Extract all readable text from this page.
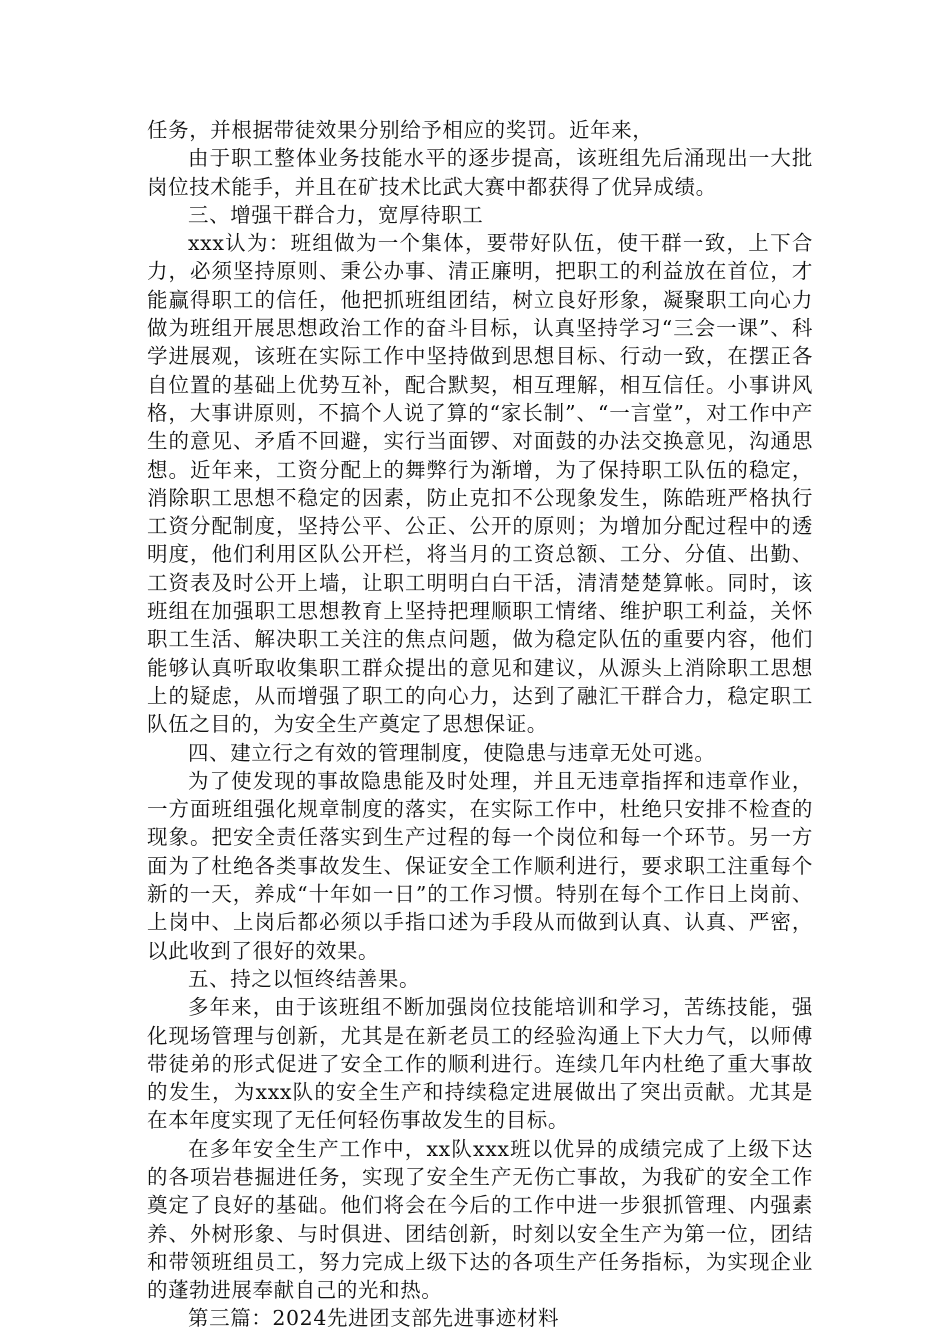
任务，并根据带徒效果分别给予相应的奖罚。近年来，

由于职工整体业务技能水平的逐步提高，该班组先后涌现出一大批岗位技术能手，并且在矿技术比武大赛中都获得了优异成绩。

三、增强干群合力，宽厚待职工

xxx认为：班组做为一个集体，要带好队伍，使干群一致，上下合力，必须坚持原则、秉公办事、清正廉明，把职工的利益放在首位，才能赢得职工的信任，他把抓班组团结，树立良好形象，凝聚职工向心力做为班组开展思想政治工作的奋斗目标，认真坚持学习“三会一课”、科学进展观，该班在实际工作中坚持做到思想目标、行动一致，在摆正各自位置的基础上优势互补，配合默契，相互理解，相互信任。小事讲风格，大事讲原则，不搞个人说了算的“家长制”、“一言堂”，对工作中产生的意见、矛盾不回避，实行当面锣、对面鼓的办法交换意见，沟通思想。近年来，工资分配上的舞弊行为渐增，为了保持职工队伍的稳定，消除职工思想不稳定的因素，防止克扣不公现象发生，陈皓班严格执行工资分配制度，坚持公平、公正、公开的原则；为增加分配过程中的透明度，他们利用区队公开栏，将当月的工资总额、工分、分值、出勤、工资表及时公开上墙，让职工明明白白干活，清清楚楚算帐。同时，该班组在加强职工思想教育上坚持把理顺职工情绪、维护职工利益，关怀职工生活、解决职工关注的焦点问题，做为稳定队伍的重要内容，他们能够认真听取收集职工群众提出的意见和建议，从源头上消除职工思想上的疑虑，从而增强了职工的向心力，达到了融汇干群合力，稳定职工队伍之目的，为安全生产奠定了思想保证。

四、建立行之有效的管理制度，使隐患与违章无处可逃。

为了使发现的事故隐患能及时处理，并且无违章指挥和违章作业，一方面班组强化规章制度的落实，在实际工作中，杜绝只安排不检查的现象。把安全责任落实到生产过程的每一个岗位和每一个环节。另一方面为了杜绝各类事故发生、保证安全工作顺利进行，要求职工注重每个新的一天，养成“十年如一日”的工作习惯。特别在每个工作日上岗前、上岗中、上岗后都必须以手指口述为手段从而做到认真、认真、严密，以此收到了很好的效果。

五、持之以恒终结善果。

多年来，由于该班组不断加强岗位技能培训和学习，苦练技能，强化现场管理与创新，尤其是在新老员工的经验沟通上下大力气，以师傅带徒弟的形式促进了安全工作的顺利进行。连续几年内杜绝了重大事故的发生，为xxx队的安全生产和持续稳定进展做出了突出贡献。尤其是在本年度实现了无任何轻伤事故发生的目标。

在多年安全生产工作中，xx队xxx班以优异的成绩完成了上级下达的各项岩巷掘进任务，实现了安全生产无伤亡事故，为我矿的安全工作奠定了良好的基础。他们将会在今后的工作中进一步狠抓管理、内强素养、外树形象、与时俱进、团结创新，时刻以安全生产为第一位，团结和带领班组员工，努力完成上级下达的各项生产任务指标，为实现企业的蓬勃进展奉献自己的光和热。

第三篇：2024先进团支部先进事迹材料
